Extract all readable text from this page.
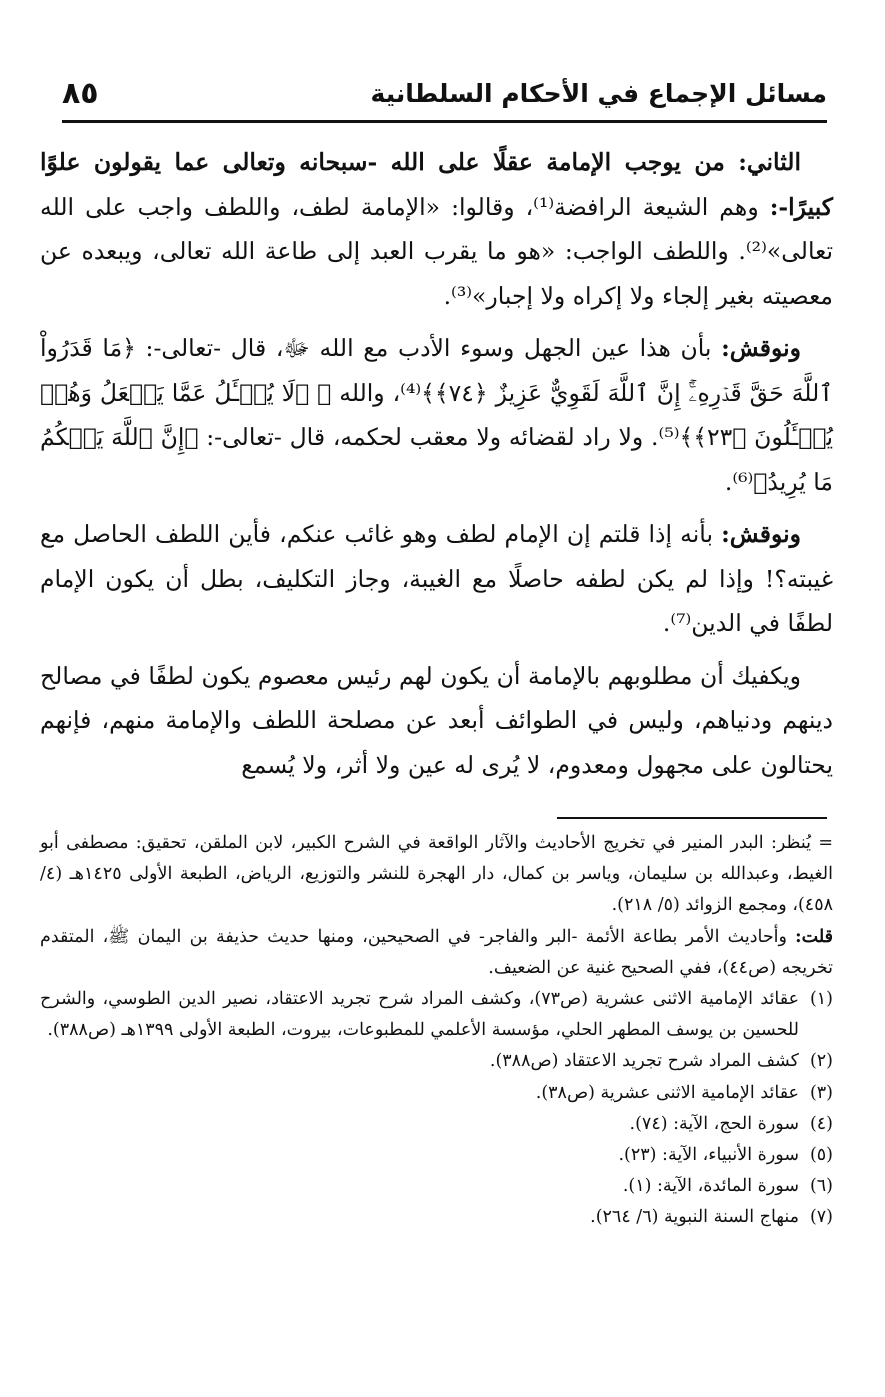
مسائل الإجماع في الأحكام السلطانية
٨٥

الثاني: من يوجب الإمامة عقلًا على الله -سبحانه وتعالى عما يقولون علوًا كبيرًا-: وهم الشيعة الرافضة⁽¹⁾، وقالوا: «الإمامة لطف، واللطف واجب على الله تعالى»⁽²⁾. واللطف الواجب: «هو ما يقرب العبد إلى طاعة الله تعالى، ويبعده عن معصيته بغير إلجاء ولا إكراه ولا إجبار»⁽³⁾.

ونوقش: بأن هذا عين الجهل وسوء الأدب مع الله ﷻ، قال -تعالى-: ﴿مَا قَدَرُواْ ٱللَّهَ حَقَّ قَدۡرِهِۦٓۚ إِنَّ ٱللَّهَ لَقَوِيٌّ عَزِيزٌ ﴿٧٤﴾﴾⁽⁴⁾، والله ﷻ ﴿لَا يُسۡـَٔلُ عَمَّا يَفۡعَلُ وَهُمۡ يُسۡـَٔلُونَ ﴿٢٣﴾﴾⁽⁵⁾. ولا راد لقضائه ولا معقب لحكمه، قال -تعالى-: ﴿إِنَّ ٱللَّهَ يَحۡكُمُ مَا يُرِيدُ﴾⁽⁶⁾.

ونوقش: بأنه إذا قلتم إن الإمام لطف وهو غائب عنكم، فأين اللطف الحاصل مع غيبته؟! وإذا لم يكن لطفه حاصلًا مع الغيبة، وجاز التكليف، بطل أن يكون الإمام لطفًا في الدين⁽⁷⁾.

ويكفيك أن مطلوبهم بالإمامة أن يكون لهم رئيس معصوم يكون لطفًا في مصالح دينهم ودنياهم، وليس في الطوائف أبعد عن مصلحة اللطف والإمامة منهم، فإنهم يحتالون على مجهول ومعدوم، لا يُرى له عين ولا أثر، ولا يُسمع

= يُنظر: البدر المنير في تخريج الأحاديث والآثار الواقعة في الشرح الكبير، لابن الملقن، تحقيق: مصطفى أبو الغيط، وعبدالله بن سليمان، وياسر بن كمال، دار الهجرة للنشر والتوزيع، الرياض، الطبعة الأولى ١٤٢٥هـ (٤/ ٤٥٨)، ومجمع الزوائد (٥/ ٢١٨).

قلت: وأحاديث الأمر بطاعة الأئمة -البر والفاجر- في الصحيحين، ومنها حديث حذيفة بن اليمان ﷺ، المتقدم تخريجه (ص٤٤)، ففي الصحيح غنية عن الضعيف.

(١)
عقائد الإمامية الاثنى عشرية (ص٧٣)، وكشف المراد شرح تجريد الاعتقاد، نصير الدين الطوسي، والشرح للحسين بن يوسف المطهر الحلي، مؤسسة الأعلمي للمطبوعات، بيروت، الطبعة الأولى ١٣٩٩هـ (ص٣٨٨).
(٢)
كشف المراد شرح تجريد الاعتقاد (ص٣٨٨).
(٣)
عقائد الإمامية الاثنى عشرية (ص٣٨).
(٤)
سورة الحج، الآية: (٧٤).
(٥)
سورة الأنبياء، الآية: (٢٣).
(٦)
سورة المائدة، الآية: (١).
(٧)
منهاج السنة النبوية (٦/ ٢٦٤).
